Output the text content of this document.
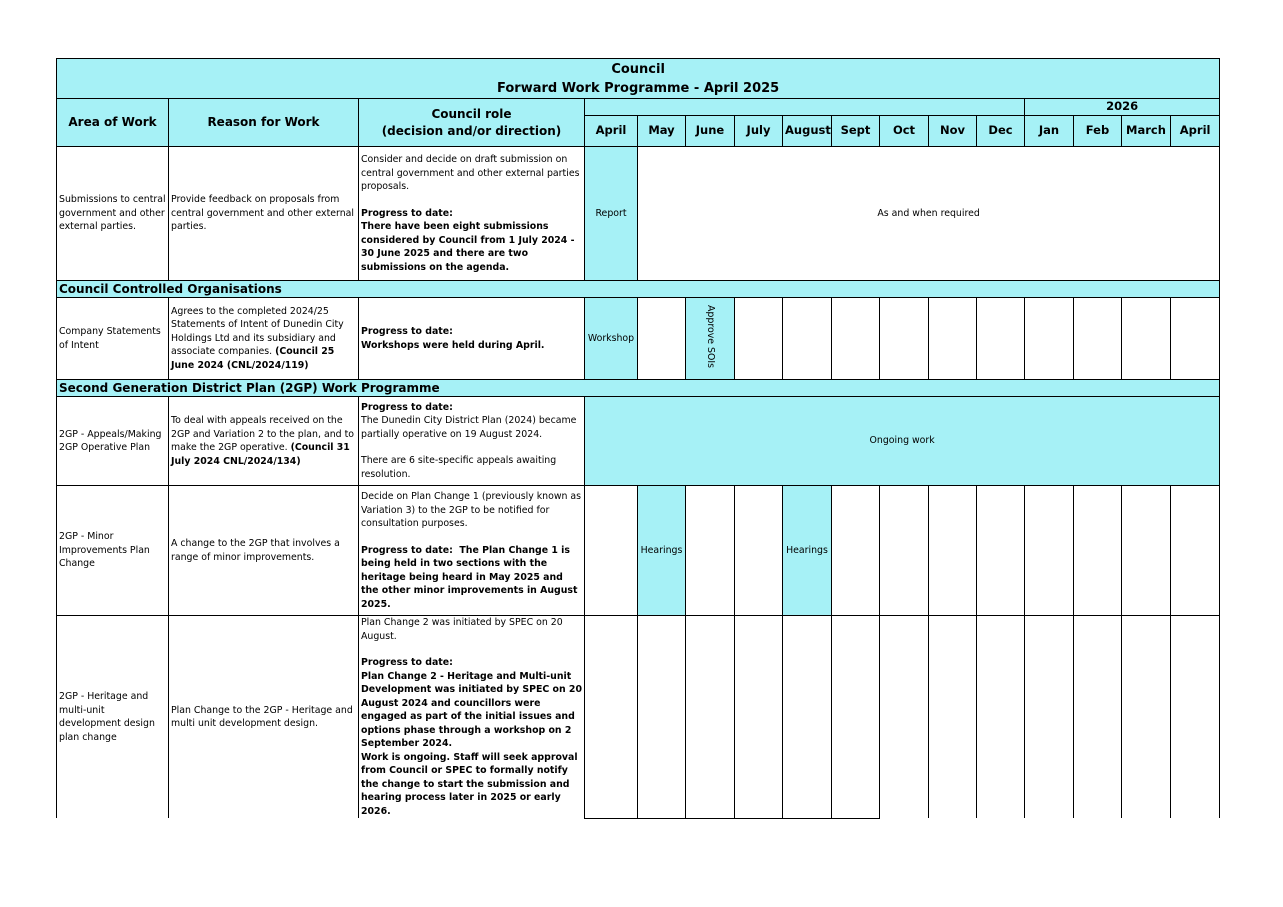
Council
Forward Work Programme - April 2025															

Area of Work	Reason for Work	Council role
(decision and/or direction)										2026			
			April	May	June	July	August	Sept	Oct	Nov	Dec	Jan	Feb	March	April
Submissions to central government and other external parties.	Provide feedback on proposals from central government and other external parties.	Consider and decide on draft submission on central government and other external parties proposals.
Progress to date:
There have been eight submissions considered by Council from 1 July 2024 - 30 June 2025 and there are two submissions on the agenda.	Report	As and when required											
Council Controlled Organisations															
Company Statements of Intent	Agrees to the completed 2024/25 Statements of Intent of Dunedin City Holdings Ltd and its subsidiary and associate companies. (Council 25 June 2024 (CNL/2024/119)	Progress to date:
Workshops were held during April.	Workshop		Approve SOIs										
Second Generation District Plan (2GP) Work Programme															
2GP - Appeals/Making 2GP Operative Plan	To deal with appeals received on the 2GP and Variation 2 to the plan, and to make the 2GP operative. (Council 31 July 2024 CNL/2024/134)	Progress to date:
The Dunedin City District Plan (2024) became partially operative on 19 August 2024.
There are 6 site-specific appeals awaiting resolution.	Ongoing work												
2GP - Minor Improvements Plan Change	A change to the 2GP that involves a range of minor improvements.	Decide on Plan Change 1 (previously known as Variation 3) to the 2GP to be notified for consultation purposes.
Progress to date: The Plan Change 1 is being held in two sections with the heritage being heard in May 2025 and the other minor improvements in August 2025.		Hearings			Hearings								
2GP - Heritage and multi-unit development design plan change	Plan Change to the 2GP - Heritage and multi unit development design.	Plan Change 2 was initiated by SPEC on 20 August.
Progress to date:
Plan Change 2 - Heritage and Multi-unit Development was initiated by SPEC on 20 August 2024 and councillors were engaged as part of the initial issues and options phase through a workshop on 2 September 2024.
Work is ongoing. Staff will seek approval from Council or SPEC to formally notify the change to start the submission and hearing process later in 2025 or early 2026.													
